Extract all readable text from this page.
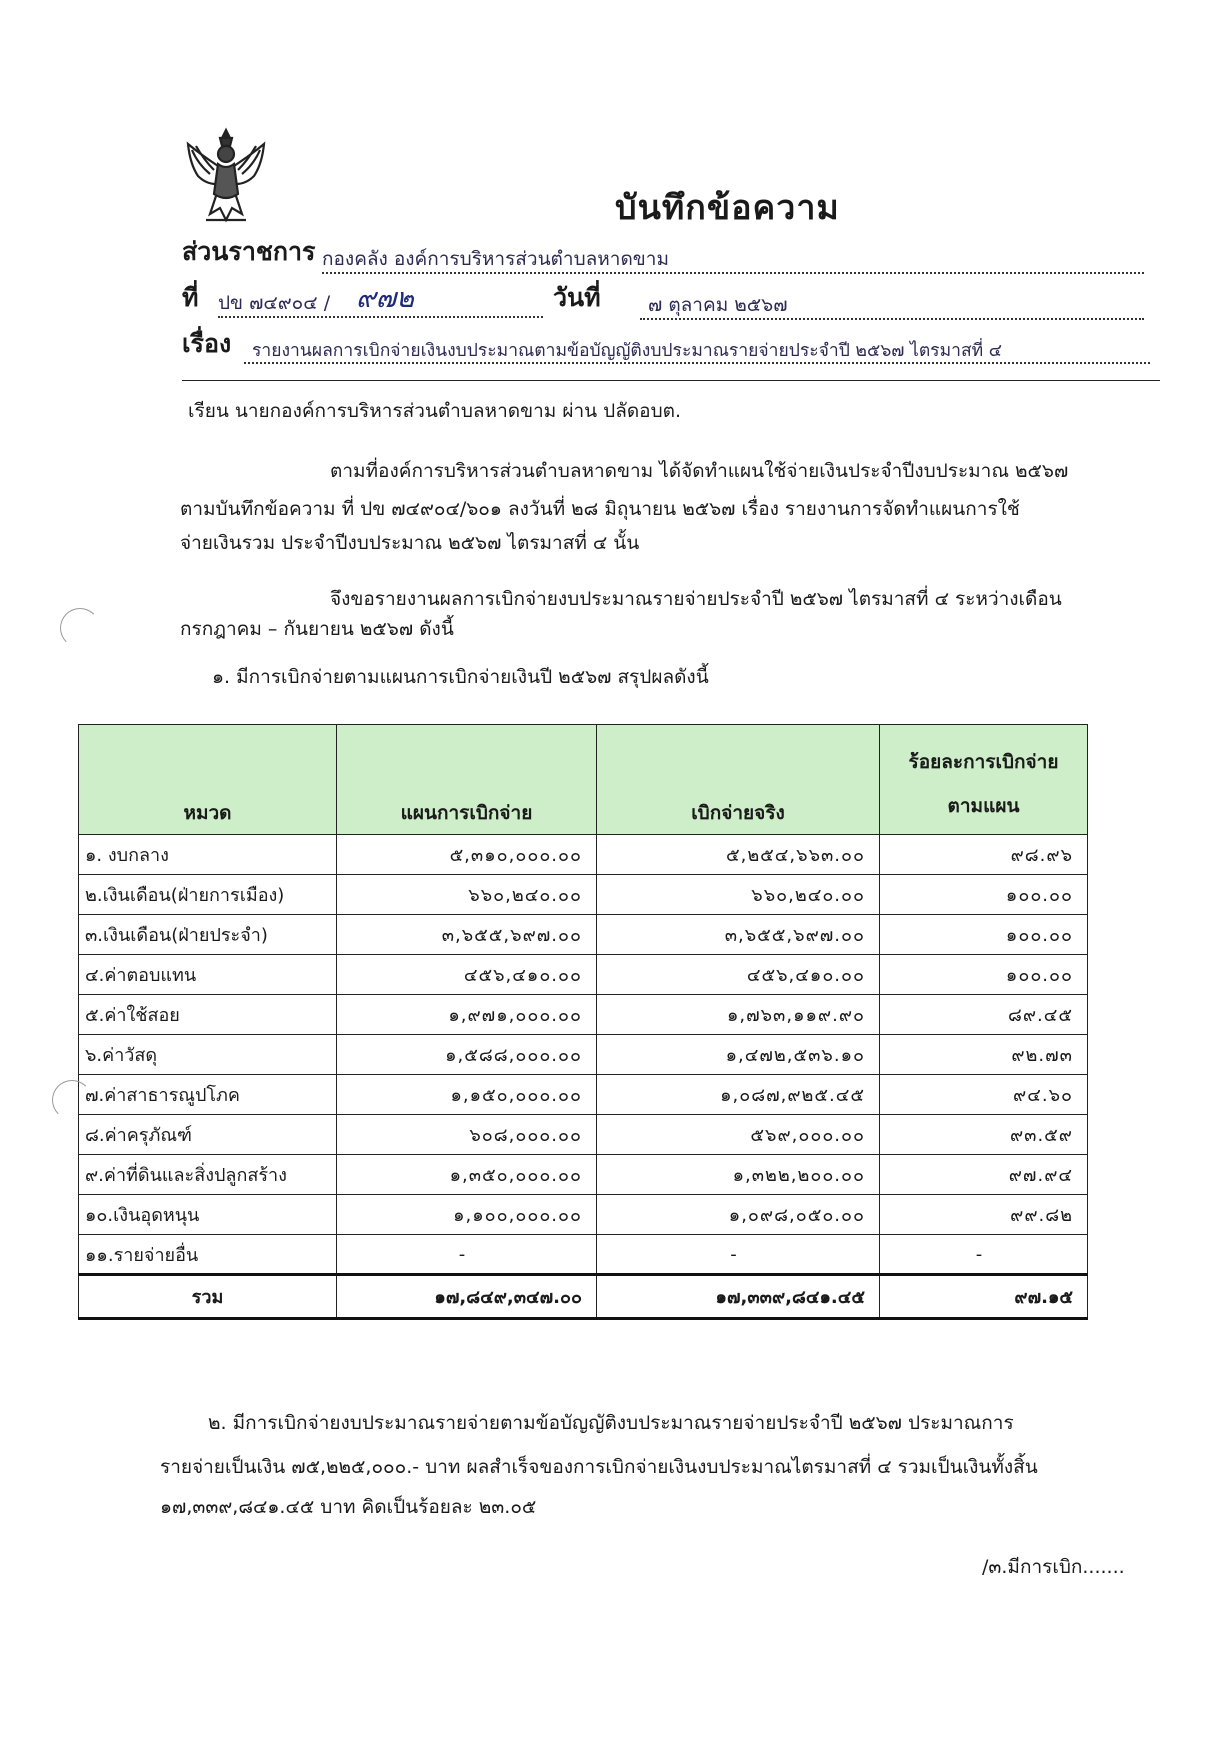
บันทึกข้อความ
ส่วนราชการ กองคลัง องค์การบริหารส่วนตำบลหาดขาม
ที่ ปข ๗๔๙๐๔ / ๙๗๒	วันที่ ๗ ตุลาคม ๒๕๖๗
เรื่อง รายงานผลการเบิกจ่ายเงินงบประมาณตามข้อบัญญัติงบประมาณรายจ่ายประจำปี ๒๕๖๗ ไตรมาสที่ ๔
เรียน นายกองค์การบริหารส่วนตำบลหาดขาม ผ่าน ปลัดอบต.
ตามที่องค์การบริหารส่วนตำบลหาดขาม ได้จัดทำแผนใช้จ่ายเงินประจำปีงบประมาณ ๒๕๖๗
ตามบันทึกข้อความ ที่ ปข ๗๔๙๐๔/๖๐๑ ลงวันที่ ๒๘ มิถุนายน ๒๕๖๗ เรื่อง รายงานการจัดทำแผนการใช้
จ่ายเงินรวม ประจำปีงบประมาณ ๒๕๖๗ ไตรมาสที่ ๔ นั้น
จึงขอรายงานผลการเบิกจ่ายงบประมาณรายจ่ายประจำปี ๒๕๖๗ ไตรมาสที่ ๔ ระหว่างเดือน
กรกฎาคม – กันยายน ๒๕๖๗ ดังนี้
๑. มีการเบิกจ่ายตามแผนการเบิกจ่ายเงินปี ๒๕๖๗ สรุปผลดังนี้
หมวด	แผนการเบิกจ่าย	เบิกจ่ายจริง	ร้อยละการเบิกจ่าย
ตามแผน

๑. งบกลาง	๕,๓๑๐,๐๐๐.๐๐	๕,๒๕๔,๖๖๓.๐๐	๙๘.๙๖
๒.เงินเดือน(ฝ่ายการเมือง)	๖๖๐,๒๔๐.๐๐	๖๖๐,๒๔๐.๐๐	๑๐๐.๐๐
๓.เงินเดือน(ฝ่ายประจำ)	๓,๖๕๕,๖๙๗.๐๐	๓,๖๕๕,๖๙๗.๐๐	๑๐๐.๐๐
๔.ค่าตอบแทน	๔๕๖,๔๑๐.๐๐	๔๕๖,๔๑๐.๐๐	๑๐๐.๐๐
๕.ค่าใช้สอย	๑,๙๗๑,๐๐๐.๐๐	๑,๗๖๓,๑๑๙.๙๐	๘๙.๔๕
๖.ค่าวัสดุ	๑,๕๘๘,๐๐๐.๐๐	๑,๔๗๒,๕๓๖.๑๐	๙๒.๗๓
๗.ค่าสาธารณูปโภค	๑,๑๕๐,๐๐๐.๐๐	๑,๐๘๗,๙๒๕.๔๕	๙๔.๖๐
๘.ค่าครุภัณฑ์	๖๐๘,๐๐๐.๐๐	๕๖๙,๐๐๐.๐๐	๙๓.๕๙
๙.ค่าที่ดินและสิ่งปลูกสร้าง	๑,๓๕๐,๐๐๐.๐๐	๑,๓๒๒,๒๐๐.๐๐	๙๗.๙๔
๑๐.เงินอุดหนุน	๑,๑๐๐,๐๐๐.๐๐	๑,๐๙๘,๐๕๐.๐๐	๙๙.๘๒
๑๑.รายจ่ายอื่น	-	-	-
รวม	๑๗,๘๔๙,๓๔๗.๐๐	๑๗,๓๓๙,๘๔๑.๔๕	๙๗.๑๕
๒. มีการเบิกจ่ายงบประมาณรายจ่ายตามข้อบัญญัติงบประมาณรายจ่ายประจำปี ๒๕๖๗ ประมาณการ
รายจ่ายเป็นเงิน ๗๕,๒๒๕,๐๐๐.- บาท ผลสำเร็จของการเบิกจ่ายเงินงบประมาณไตรมาสที่ ๔ รวมเป็นเงินทั้งสิ้น
๑๗,๓๓๙,๘๔๑.๔๕ บาท คิดเป็นร้อยละ ๒๓.๐๕
/๓.มีการเบิก.......
